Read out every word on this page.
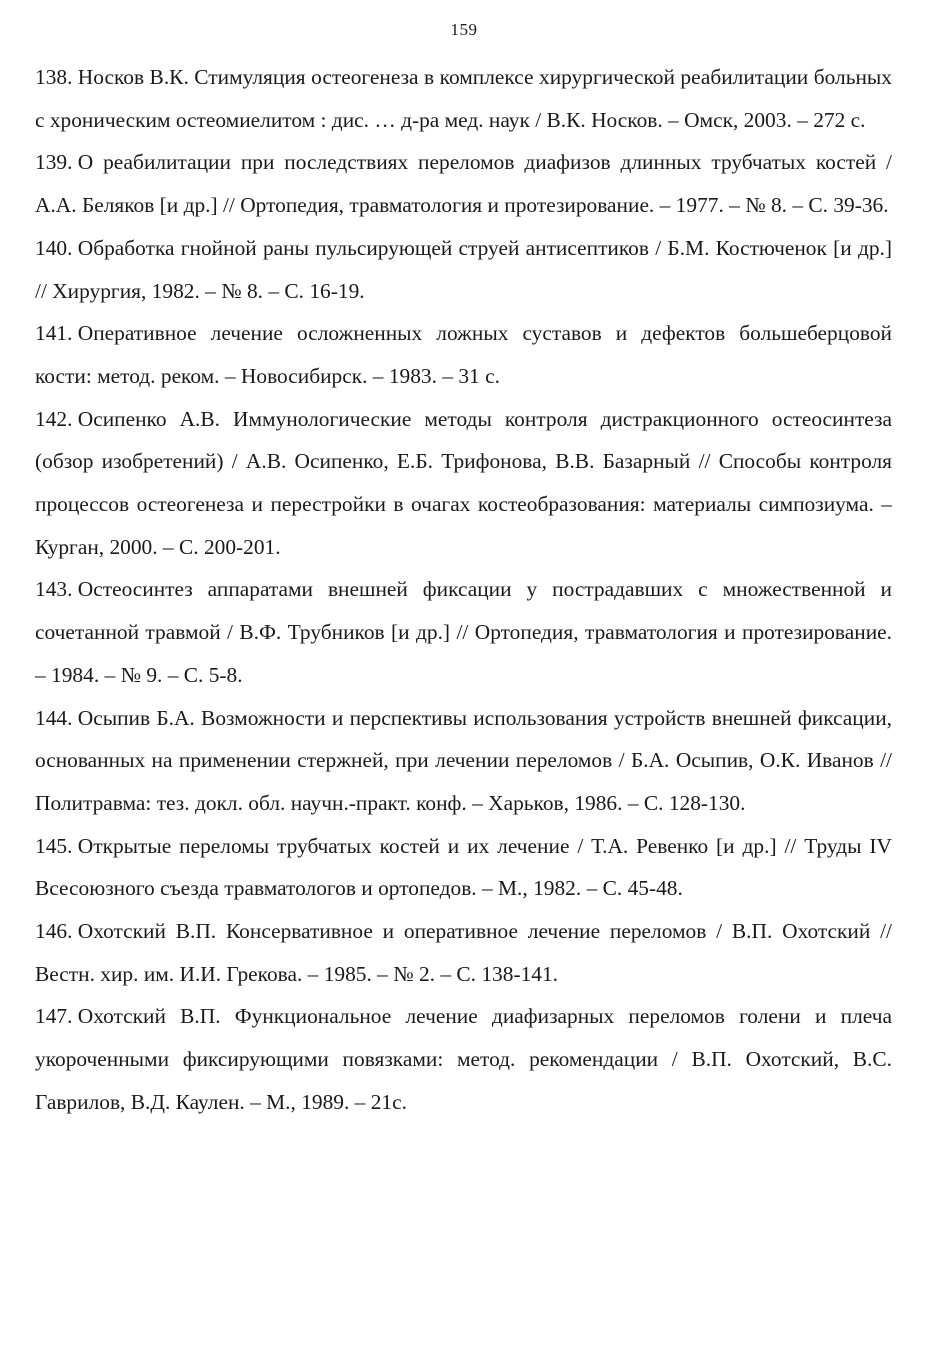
159

138. Носков В.К. Стимуляция остеогенеза в комплексе хирургической реабилитации больных с хроническим остеомиелитом : дис. … д-ра мед. наук / В.К. Носков. – Омск, 2003. – 272 с.

139. О реабилитации при последствиях переломов диафизов длинных трубчатых костей / А.А. Беляков [и др.] // Ортопедия, травматология и протезирование. – 1977. – № 8. – С. 39-36.

140. Обработка гнойной раны пульсирующей струей антисептиков / Б.М. Костюченок [и др.] // Хирургия, 1982. – № 8. – С. 16-19.

141. Оперативное лечение осложненных ложных суставов и дефектов большеберцовой кости: метод. реком. – Новосибирск. – 1983. – 31 с.

142. Осипенко А.В. Иммунологические методы контроля дистракционного остеосинтеза (обзор изобретений) / А.В. Осипенко, Е.Б. Трифонова, В.В. Базарный // Способы контроля процессов остеогенеза и перестройки в очагах костеобразования: материалы симпозиума. – Курган, 2000. – С. 200-201.

143. Остеосинтез аппаратами внешней фиксации у пострадавших с множественной и сочетанной травмой / В.Ф. Трубников [и др.] // Ортопедия, травматология и протезирование. – 1984. – № 9. – С. 5-8.

144. Осыпив Б.А. Возможности и перспективы использования устройств внешней фиксации, основанных на применении стержней, при лечении переломов / Б.А. Осыпив, О.К. Иванов // Политравма: тез. докл. обл. научн.-практ. конф. – Харьков, 1986. – С. 128-130.

145. Открытые переломы трубчатых костей и их лечение / Т.А. Ревенко [и др.] // Труды IV Всесоюзного съезда травматологов и ортопедов. – М., 1982. – С. 45-48.

146. Охотский В.П. Консервативное и оперативное лечение переломов / В.П. Охотский // Вестн. хир. им. И.И. Грекова. – 1985. – № 2. – С. 138-141.

147. Охотский В.П. Функциональное лечение диафизарных переломов голени и плеча укороченными фиксирующими повязками: метод. рекомендации / В.П. Охотский, В.С. Гаврилов, В.Д. Каулен. – М., 1989. – 21с.
